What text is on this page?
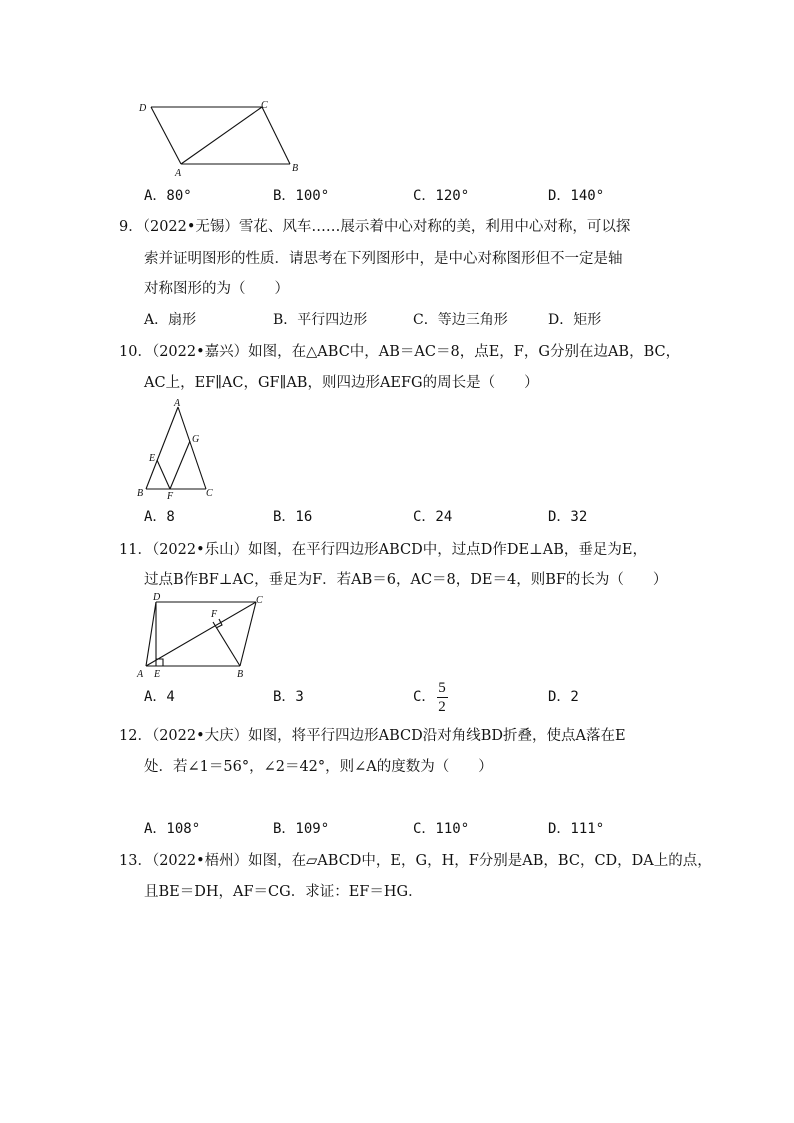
D	C
A	B
A．80°	B．100°	C．120°	D．140°
9．（2022•无锡）雪花、风车……展示着中心对称的美，利用中心对称，可以探
索并证明图形的性质．请思考在下列图形中，是中心对称图形但不一定是轴
对称图形的为（　　）
A．扇形	B．平行四边形	C．等边三角形	D．矩形
10．（2022•嘉兴）如图，在△ABC中，AB＝AC＝8，点E，F，G分别在边AB，BC，
AC上，EF∥AC，GF∥AB，则四边形AEFG的周长是（　　）
A
G
E
B F	C
A．8	B．16	C．24	D．32
11．（2022•乐山）如图，在平行四边形ABCD中，过点D作DE⊥AB，垂足为E，
过点B作BF⊥AC，垂足为F．若AB＝6，AC＝8，DE＝4，则BF的长为（　　）
D	C
F
A E	B
A．4	B．3	C．
5
2
D．2
12．（2022•大庆）如图，将平行四边形ABCD沿对角线BD折叠，使点A落在E
处．若∠1＝56°，∠2＝42°，则∠A的度数为（　　）
A．108°	B．109°	C．110°	D．111°
13．（2022•梧州）如图，在▱ABCD中，E，G，H，F分别是AB，BC，CD，DA上的点，
且BE＝DH，AF＝CG．求证：EF＝HG．
